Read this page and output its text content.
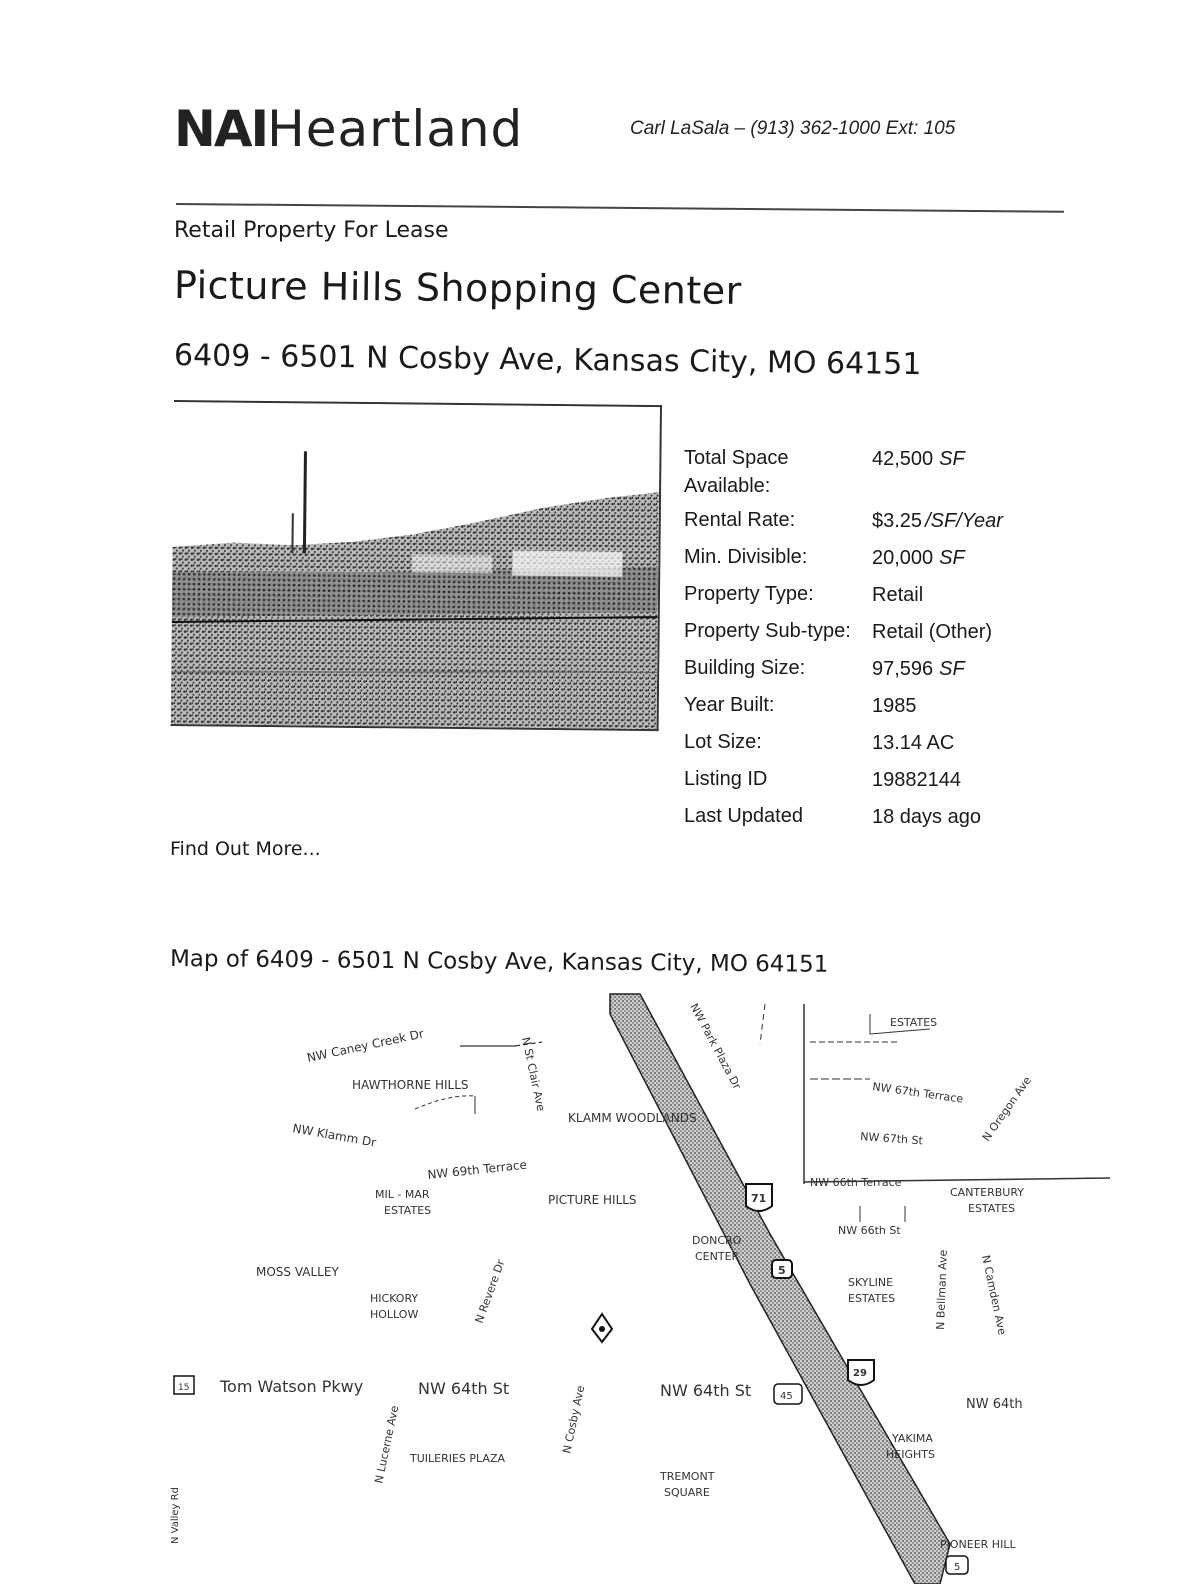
NAIHeartland	Carl LaSala – (913) 362-1000 Ext: 105
Retail Property For Lease
Picture Hills Shopping Center
6409 - 6501 N Cosby Ave, Kansas City, MO 64151
Total Space Available:
42,500 SF
Rental Rate:	$3.25 /SF/Year
Min. Divisible:	20,000 SF
Property Type:	Retail
Property Sub-type:	Retail (Other)
Building Size:	97,596 SF
Year Built:	1985
Lot Size:	13.14 AC
Listing ID	19882144
Last Updated	18 days ago
Find Out More...
Map of 6409 - 6501 N Cosby Ave, Kansas City, MO 64151
NW Caney Creek Dr	N St Clair Ave
HAWTHORNE HILLS
NW Klamm Dr
KLAMM WOODLANDS
NW 69th Terrace
MIL - MAR
ESTATES
PICTURE HILLS	71
DONCRO
CENTER
5
MOSS VALLEY
HICKORY
HOLLOW	N Revere Dr
NW Park Plaza Dr	ESTATES
NW 67th Terrace N Oregon Ave
NW 67th St
NW 66th Terrace
CANTERBURY
ESTATES
NW 66th St
N Bellman Ave
SKYLINE
ESTATES	N Camden Ave
15 Tom Watson Pkwy	NW 64th St	NW 64th St	45
NW 64th
N Cosby Ave
N Lucerne Ave TUILERIES PLAZA
TREMONT
SQUARE
29
YAKIMA
HEIGHTS
PIONEER HILL
5
N Valley Rd
